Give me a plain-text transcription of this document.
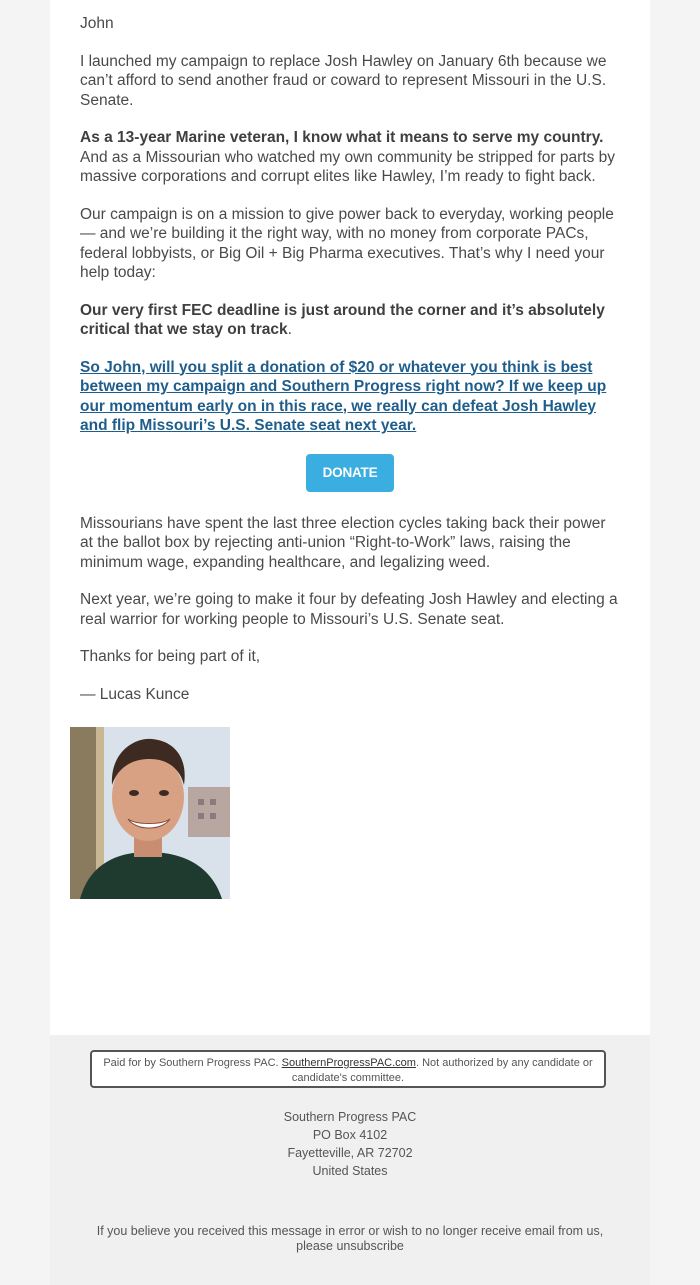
John

I launched my campaign to replace Josh Hawley on January 6th because we can’t afford to send another fraud or coward to represent Missouri in the U.S. Senate.

As a 13-year Marine veteran, I know what it means to serve my country. And as a Missourian who watched my own community be stripped for parts by massive corporations and corrupt elites like Hawley, I’m ready to fight back.

Our campaign is on a mission to give power back to everyday, working people — and we’re building it the right way, with no money from corporate PACs, federal lobbyists, or Big Oil + Big Pharma executives. That’s why I need your help today:

Our very first FEC deadline is just around the corner and it’s absolutely critical that we stay on track.

So John, will you split a donation of $20 or whatever you think is best between my campaign and Southern Progress right now? If we keep up our momentum early on in this race, we really can defeat Josh Hawley and flip Missouri’s U.S. Senate seat next year.

DONATE

Missourians have spent the last three election cycles taking back their power at the ballot box by rejecting anti-union “Right-to-Work” laws, raising the minimum wage, expanding healthcare, and legalizing weed.

Next year, we’re going to make it four by defeating Josh Hawley and electing a real warrior for working people to Missouri’s U.S. Senate seat.

Thanks for being part of it,

— Lucas Kunce

Paid for by Southern Progress PAC. SouthernProgressPAC.com. Not authorized by any candidate or candidate's committee.
Southern Progress PAC
PO Box 4102
Fayetteville, AR 72702
United States
If you believe you received this message in error or wish to no longer receive email from us, please unsubscribe
